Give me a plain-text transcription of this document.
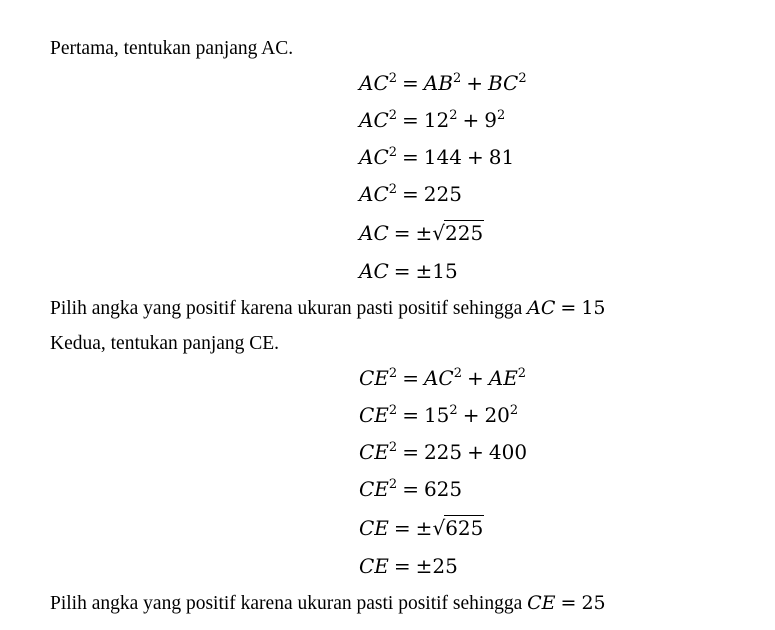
Pertama, tentukan panjang AC.
$AC^2 = AB^2 + BC^2$
$AC^2 = 12^2 + 9^2$
$AC^2 = 144 + 81$
$AC^2 = 225$
AC = ±√225
AC = ±15
Pilih angka yang positif karena ukuran pasti positif sehingga AC = 15
Kedua, tentukan panjang CE.
$CE^2 = AC^2 + AE^2$
$CE^2 = 15^2 + 20^2$
$CE^2 = 225 + 400$
$CE^2 = 625$
CE = ±√625
CE = ±25
Pilih angka yang positif karena ukuran pasti positif sehingga CE = 25
